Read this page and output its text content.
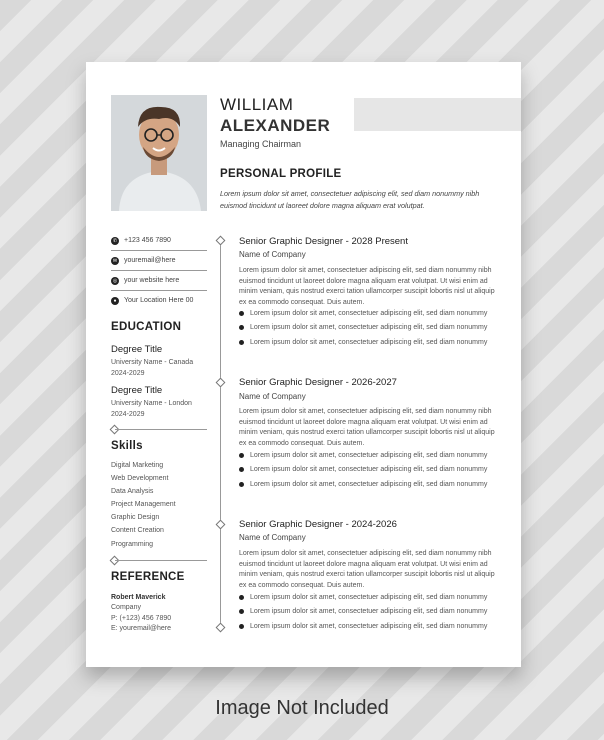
WILLIAM
ALEXANDER
Managing Chairman
PERSONAL PROFILE
Lorem ipsum dolor sit amet, consectetuer adipiscing elit, sed diam nonummy nibh euismod tincidunt ut laoreet dolore magna aliquam erat volutpat.
✆ +123 456 7890
✉ youremail@here
◎ your website here
●	Your Location Here 00
EDUCATION
Degree Title
University Name - Canada
2024-2029
Degree Title
University Name - London
2024-2029
Skills
Digital Marketing
Web Development
Data Analysis
Project Management
Graphic Design
Content Creation
Programming
REFERENCE
Robert Maverick
Company
P: (+123) 456 7890
E: youremail@here
Senior Graphic Designer - 2028 Present
Name of Company
Lorem ipsum dolor sit amet, consectetuer adipiscing elit, sed diam nonummy nibh euismod tincidunt ut laoreet dolore magna aliquam erat volutpat. Ut wisi enim ad minim veniam, quis nostrud exerci tation ullamcorper suscipit lobortis nisl ut aliquip ex ea commodo consequat. Duis autem.
Lorem ipsum dolor sit amet, consectetuer adipiscing elit, sed diam nonummy
Lorem ipsum dolor sit amet, consectetuer adipiscing elit, sed diam nonummy
Lorem ipsum dolor sit amet, consectetuer adipiscing elit, sed diam nonummy
Senior Graphic Designer - 2026-2027
Name of Company
Lorem ipsum dolor sit amet, consectetuer adipiscing elit, sed diam nonummy nibh euismod tincidunt ut laoreet dolore magna aliquam erat volutpat. Ut wisi enim ad minim veniam, quis nostrud exerci tation ullamcorper suscipit lobortis nisl ut aliquip ex ea commodo consequat. Duis autem.
Lorem ipsum dolor sit amet, consectetuer adipiscing elit, sed diam nonummy
Lorem ipsum dolor sit amet, consectetuer adipiscing elit, sed diam nonummy
Lorem ipsum dolor sit amet, consectetuer adipiscing elit, sed diam nonummy
Senior Graphic Designer - 2024-2026
Name of Company
Lorem ipsum dolor sit amet, consectetuer adipiscing elit, sed diam nonummy nibh euismod tincidunt ut laoreet dolore magna aliquam erat volutpat. Ut wisi enim ad minim veniam, quis nostrud exerci tation ullamcorper suscipit lobortis nisl ut aliquip ex ea commodo consequat. Duis autem.
Lorem ipsum dolor sit amet, consectetuer adipiscing elit, sed diam nonummy
Lorem ipsum dolor sit amet, consectetuer adipiscing elit, sed diam nonummy
Lorem ipsum dolor sit amet, consectetuer adipiscing elit, sed diam nonummy
Image Not Included
